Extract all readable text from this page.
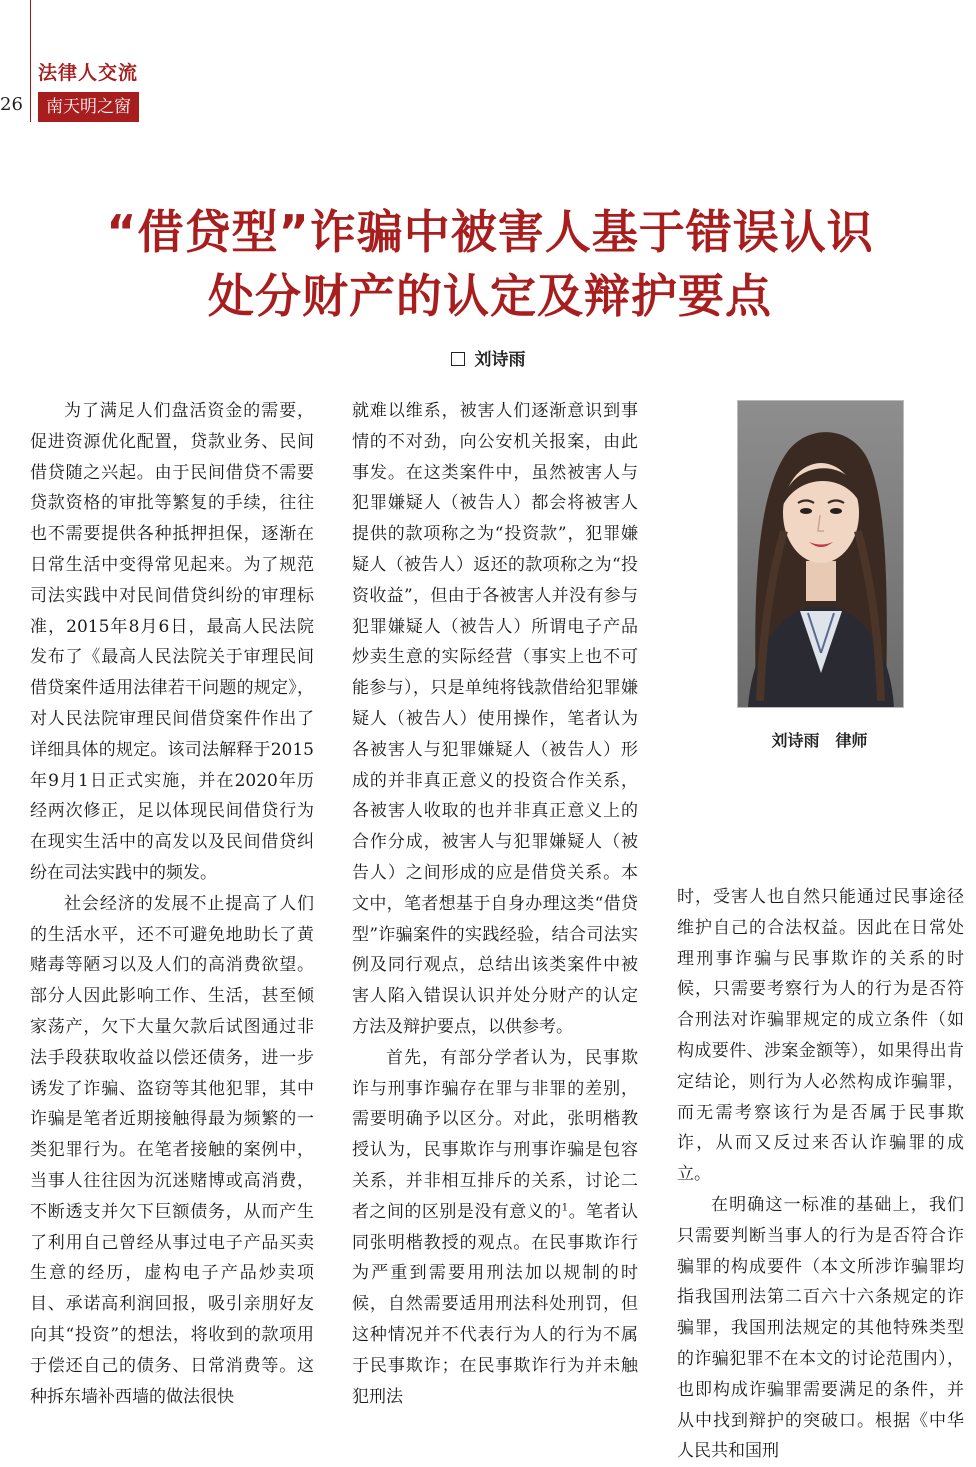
法律人交流
26	南天明之窗
“借贷型”诈骗中被害人基于错误认识
处分财产的认定及辩护要点
刘诗雨

为了满足人们盘活资金的需要，促进资源优化配置，贷款业务、民间借贷随之兴起。由于民间借贷不需要贷款资格的审批等繁复的手续，往往也不需要提供各种抵押担保，逐渐在日常生活中变得常见起来。为了规范司法实践中对民间借贷纠纷的审理标准，2015年8月6日，最高人民法院发布了《最高人民法院关于审理民间借贷案件适用法律若干问题的规定》，对人民法院审理民间借贷案件作出了详细具体的规定。该司法解释于2015年9月1日正式实施，并在2020年历经两次修正，足以体现民间借贷行为在现实生活中的高发以及民间借贷纠纷在司法实践中的频发。

社会经济的发展不止提高了人们的生活水平，还不可避免地助长了黄赌毒等陋习以及人们的高消费欲望。部分人因此影响工作、生活，甚至倾家荡产，欠下大量欠款后试图通过非法手段获取收益以偿还债务，进一步诱发了诈骗、盗窃等其他犯罪，其中诈骗是笔者近期接触得最为频繁的一类犯罪行为。在笔者接触的案例中，当事人往往因为沉迷赌博或高消费，不断透支并欠下巨额债务，从而产生了利用自己曾经从事过电子产品买卖生意的经历，虚构电子产品炒卖项目、承诺高利润回报，吸引亲朋好友向其“投资”的想法，将收到的款项用于偿还自己的债务、日常消费等。这种拆东墙补西墙的做法很快

就难以维系，被害人们逐渐意识到事情的不对劲，向公安机关报案，由此事发。在这类案件中，虽然被害人与犯罪嫌疑人（被告人）都会将被害人提供的款项称之为“投资款”，犯罪嫌疑人（被告人）返还的款项称之为“投资收益”，但由于各被害人并没有参与犯罪嫌疑人（被告人）所谓电子产品炒卖生意的实际经营（事实上也不可能参与），只是单纯将钱款借给犯罪嫌疑人（被告人）使用操作，笔者认为各被害人与犯罪嫌疑人（被告人）形成的并非真正意义的投资合作关系，各被害人收取的也并非真正意义上的合作分成，被害人与犯罪嫌疑人（被告人）之间形成的应是借贷关系。本文中，笔者想基于自身办理这类“借贷型”诈骗案件的实践经验，结合司法实例及同行观点，总结出该类案件中被害人陷入错误认识并处分财产的认定方法及辩护要点，以供参考。

首先，有部分学者认为，民事欺诈与刑事诈骗存在罪与非罪的差别，需要明确予以区分。对此，张明楷教授认为，民事欺诈与刑事诈骗是包容关系，并非相互排斥的关系，讨论二者之间的区别是没有意义的$^1$。笔者认同张明楷教授的观点。在民事欺诈行为严重到需要用刑法加以规制的时候，自然需要适用刑法科处刑罚，但这种情况并不代表行为人的行为不属于民事欺诈；在民事欺诈行为并未触犯刑法

刘诗雨　律师

时，受害人也自然只能通过民事途径维护自己的合法权益。因此在日常处理刑事诈骗与民事欺诈的关系的时候，只需要考察行为人的行为是否符合刑法对诈骗罪规定的成立条件（如构成要件、涉案金额等），如果得出肯定结论，则行为人必然构成诈骗罪，而无需考察该行为是否属于民事欺诈，从而又反过来否认诈骗罪的成立。

在明确这一标准的基础上，我们只需要判断当事人的行为是否符合诈骗罪的构成要件（本文所涉诈骗罪均指我国刑法第二百六十六条规定的诈骗罪，我国刑法规定的其他特殊类型的诈骗犯罪不在本文的讨论范围内），也即构成诈骗罪需要满足的条件，并从中找到辩护的突破口。根据《中华人民共和国刑
